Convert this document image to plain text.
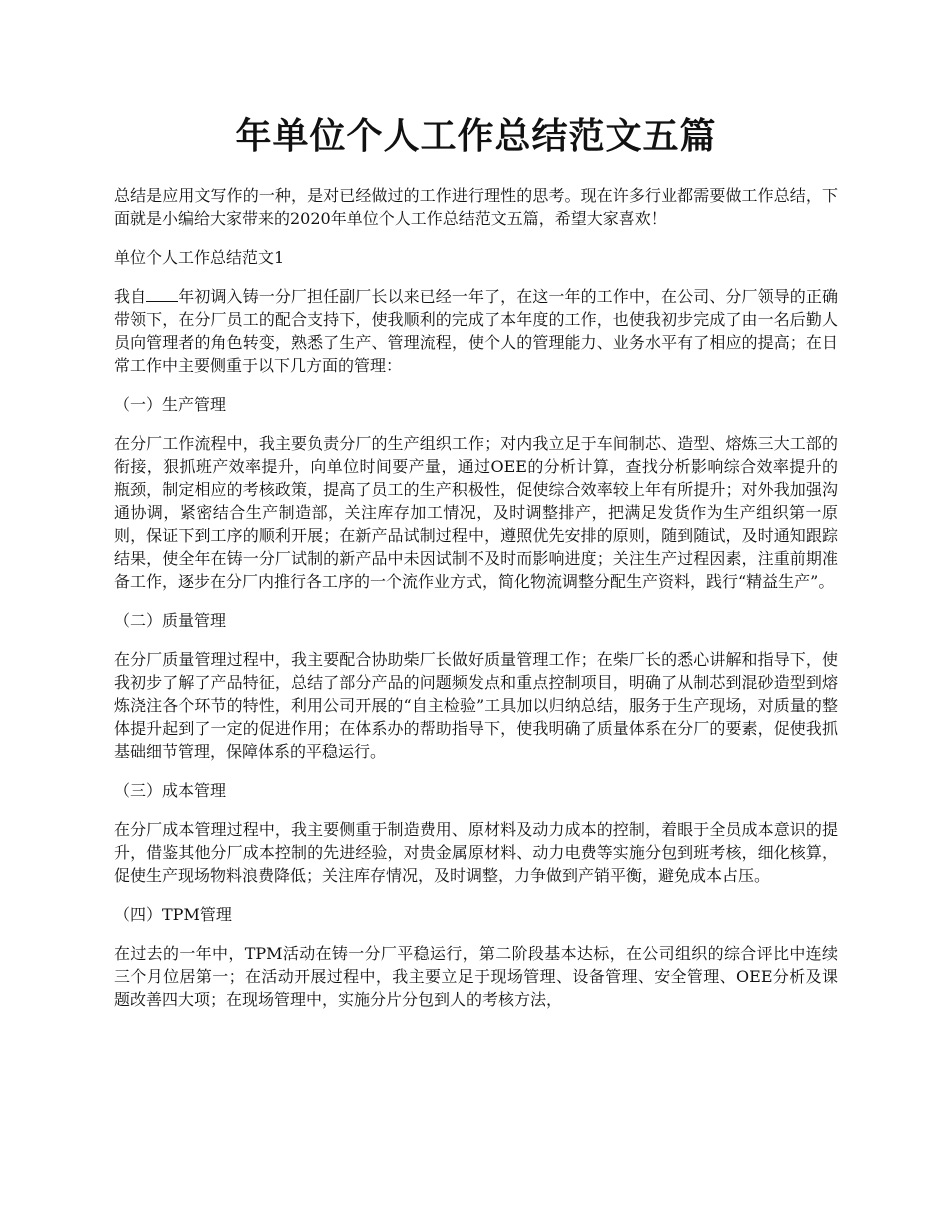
年单位个人工作总结范文五篇

总结是应用文写作的一种，是对已经做过的工作进行理性的思考。现在许多行业都需要做工作总结，下面就是小编给大家带来的2020年单位个人工作总结范文五篇，希望大家喜欢！

单位个人工作总结范文1

我自 年初调入铸一分厂担任副厂长以来已经一年了，在这一年的工作中，在公司、分厂领导的正确带领下，在分厂员工的配合支持下，使我顺利的完成了本年度的工作，也使我初步完成了由一名后勤人员向管理者的角色转变，熟悉了生产、管理流程，使个人的管理能力、业务水平有了相应的提高；在日常工作中主要侧重于以下几方面的管理：

（一）生产管理

在分厂工作流程中，我主要负责分厂的生产组织工作；对内我立足于车间制芯、造型、熔炼三大工部的衔接，狠抓班产效率提升，向单位时间要产量，通过OEE的分析计算，查找分析影响综合效率提升的瓶颈，制定相应的考核政策，提高了员工的生产积极性，促使综合效率较上年有所提升；对外我加强沟通协调，紧密结合生产制造部，关注库存加工情况，及时调整排产，把满足发货作为生产组织第一原则，保证下到工序的顺利开展；在新产品试制过程中，遵照优先安排的原则，随到随试，及时通知跟踪结果，使全年在铸一分厂试制的新产品中未因试制不及时而影响进度；关注生产过程因素，注重前期准备工作，逐步在分厂内推行各工序的一个流作业方式，简化物流调整分配生产资料，践行“精益生产”。

（二）质量管理

在分厂质量管理过程中，我主要配合协助柴厂长做好质量管理工作；在柴厂长的悉心讲解和指导下，使我初步了解了产品特征，总结了部分产品的问题频发点和重点控制项目，明确了从制芯到混砂造型到熔炼浇注各个环节的特性，利用公司开展的“自主检验”工具加以归纳总结，服务于生产现场，对质量的整体提升起到了一定的促进作用；在体系办的帮助指导下，使我明确了质量体系在分厂的要素，促使我抓基础细节管理，保障体系的平稳运行。

（三）成本管理

在分厂成本管理过程中，我主要侧重于制造费用、原材料及动力成本的控制，着眼于全员成本意识的提升，借鉴其他分厂成本控制的先进经验，对贵金属原材料、动力电费等实施分包到班考核，细化核算，促使生产现场物料浪费降低；关注库存情况，及时调整，力争做到产销平衡，避免成本占压。

（四）TPM管理

在过去的一年中，TPM活动在铸一分厂平稳运行，第二阶段基本达标，在公司组织的综合评比中连续三个月位居第一；在活动开展过程中，我主要立足于现场管理、设备管理、安全管理、OEE分析及课题改善四大项；在现场管理中，实施分片分包到人的考核方法，
